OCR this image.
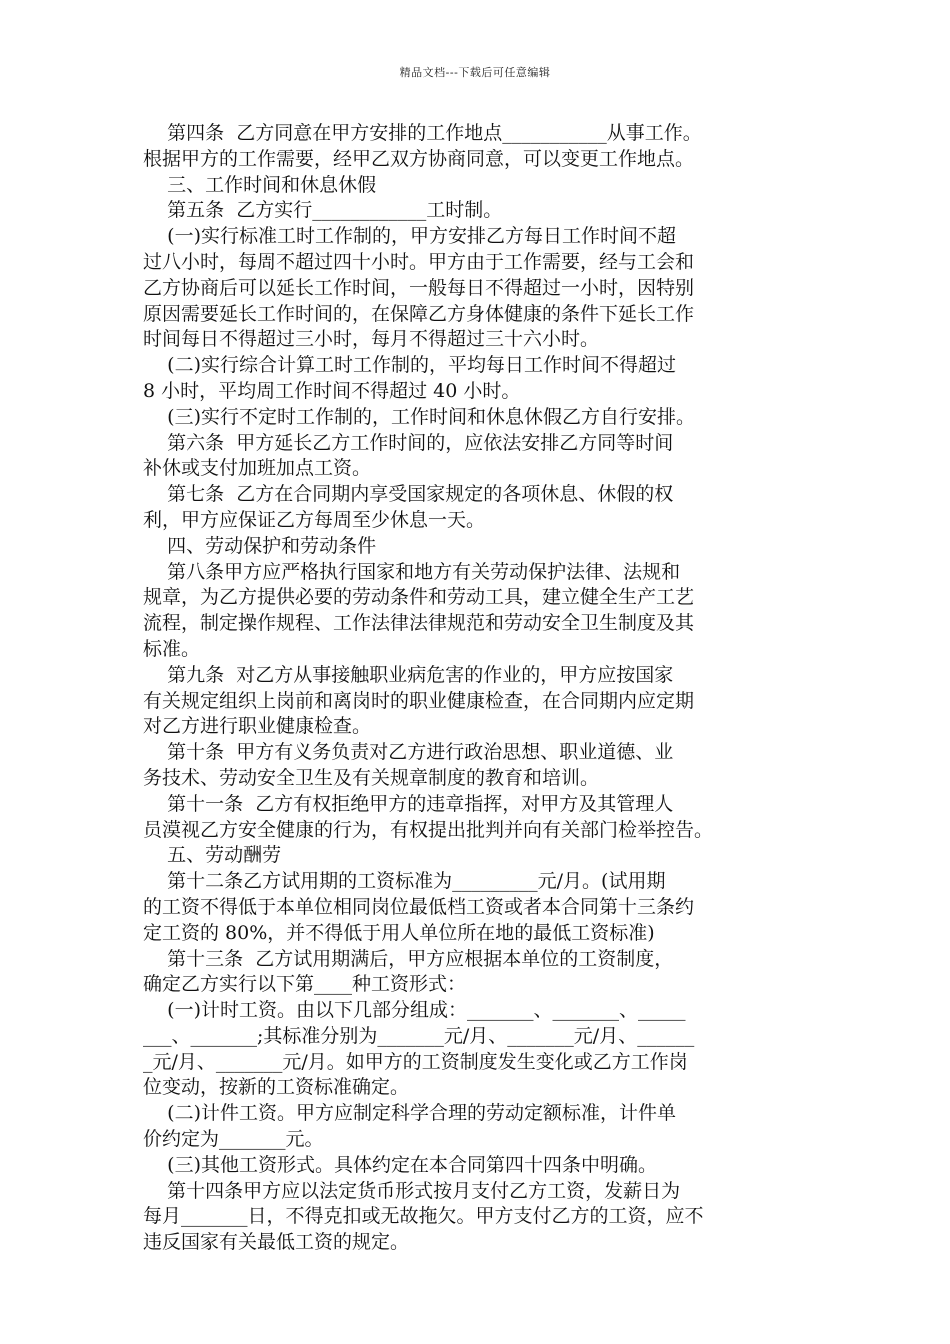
精品文档---下载后可任意编辑
第四条  乙方同意在甲方安排的工作地点___________从事工作。
根据甲方的工作需要，经甲乙双方协商同意，可以变更工作地点。
三、工作时间和休息休假
第五条  乙方实行____________工时制。
(一)实行标准工时工作制的，甲方安排乙方每日工作时间不超
过八小时，每周不超过四十小时。甲方由于工作需要，经与工会和
乙方协商后可以延长工作时间，一般每日不得超过一小时，因特别
原因需要延长工作时间的，在保障乙方身体健康的条件下延长工作
时间每日不得超过三小时，每月不得超过三十六小时。
(二)实行综合计算工时工作制的，平均每日工作时间不得超过
8 小时，平均周工作时间不得超过 40 小时。
(三)实行不定时工作制的，工作时间和休息休假乙方自行安排。
第六条  甲方延长乙方工作时间的，应依法安排乙方同等时间
补休或支付加班加点工资。
第七条  乙方在合同期内享受国家规定的各项休息、休假的权
利，甲方应保证乙方每周至少休息一天。
四、劳动保护和劳动条件
第八条甲方应严格执行国家和地方有关劳动保护法律、法规和
规章，为乙方提供必要的劳动条件和劳动工具，建立健全生产工艺
流程，制定操作规程、工作法律法律规范和劳动安全卫生制度及其
标准。
第九条  对乙方从事接触职业病危害的作业的，甲方应按国家
有关规定组织上岗前和离岗时的职业健康检查，在合同期内应定期
对乙方进行职业健康检查。
第十条  甲方有义务负责对乙方进行政治思想、职业道德、业
务技术、劳动安全卫生及有关规章制度的教育和培训。
第十一条  乙方有权拒绝甲方的违章指挥，对甲方及其管理人
员漠视乙方安全健康的行为，有权提出批判并向有关部门检举控告。
五、劳动酬劳
第十二条乙方试用期的工资标准为_________元/月。(试用期
的工资不得低于本单位相同岗位最低档工资或者本合同第十三条约
定工资的 80%，并不得低于用人单位所在地的最低工资标准)
第十三条  乙方试用期满后，甲方应根据本单位的工资制度，
确定乙方实行以下第____种工资形式：
(一)计时工资。由以下几部分组成：_______、_______、_____
___、_______;其标准分别为_______元/月、_______元/月、______
_元/月、_______元/月。如甲方的工资制度发生变化或乙方工作岗
位变动，按新的工资标准确定。
(二)计件工资。甲方应制定科学合理的劳动定额标准，计件单
价约定为_______元。
(三)其他工资形式。具体约定在本合同第四十四条中明确。
第十四条甲方应以法定货币形式按月支付乙方工资，发薪日为
每月_______日，不得克扣或无故拖欠。甲方支付乙方的工资，应不
违反国家有关最低工资的规定。
